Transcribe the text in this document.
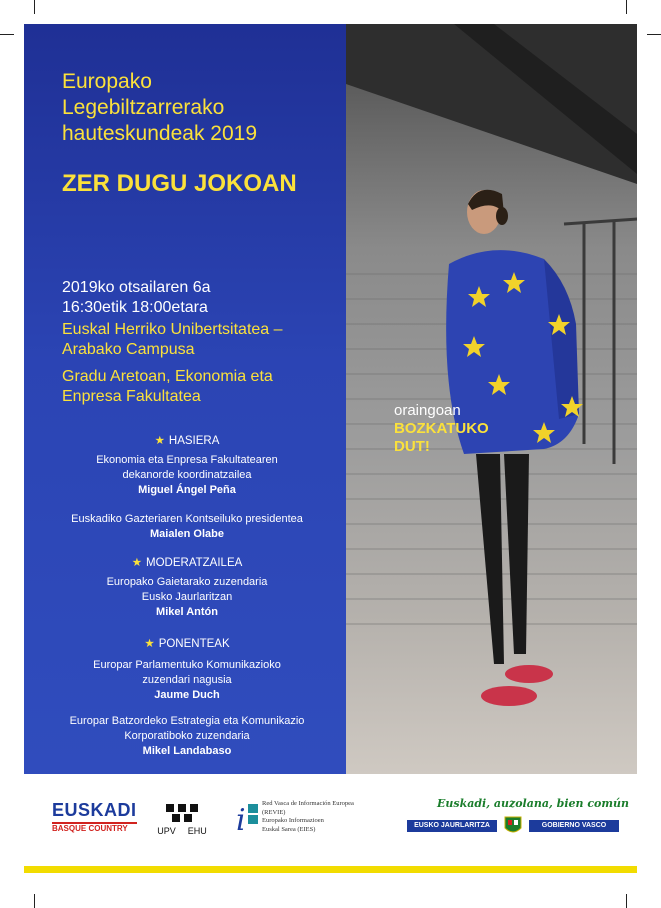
Europako
Legebiltzarrerako
hauteskundeak 2019
ZER DUGU JOKOAN
2019ko otsailaren 6a
16:30etik 18:00etara
Euskal Herriko Unibertsitatea –
Arabako Campusa
Gradu Aretoan, Ekonomia eta
Enpresa Fakultatea
★ HASIERA
Ekonomia eta Enpresa Fakultatearen
dekanorde koordinatzailea
Miguel Ángel Peña
Euskadiko Gazteriaren Kontseiluko presidentea
Maialen Olabe
★ MODERATZAILEA
Europako Gaietarako zuzendaria
Eusko Jaurlaritzan
Mikel Antón
★ PONENTEAK
Europar Parlamentuko Komunikazioko
zuzendari nagusia
Jaume Duch
Europar Batzordeko Estrategia eta Komunikazio
Korporatiboko zuzendaria
Mikel Landabaso
oraingoan
BOZKATUKO
DUT!
EUSKADI
BASQUE COUNTRY	UPV EHU i	Red Vasca de Información Europea
(REVIE)
Europako Informazioen
Euskal Sarea (EIES)
Euskadi, auzolana, bien común
EUSKO JAURLARITZA	GOBIERNO VASCO
